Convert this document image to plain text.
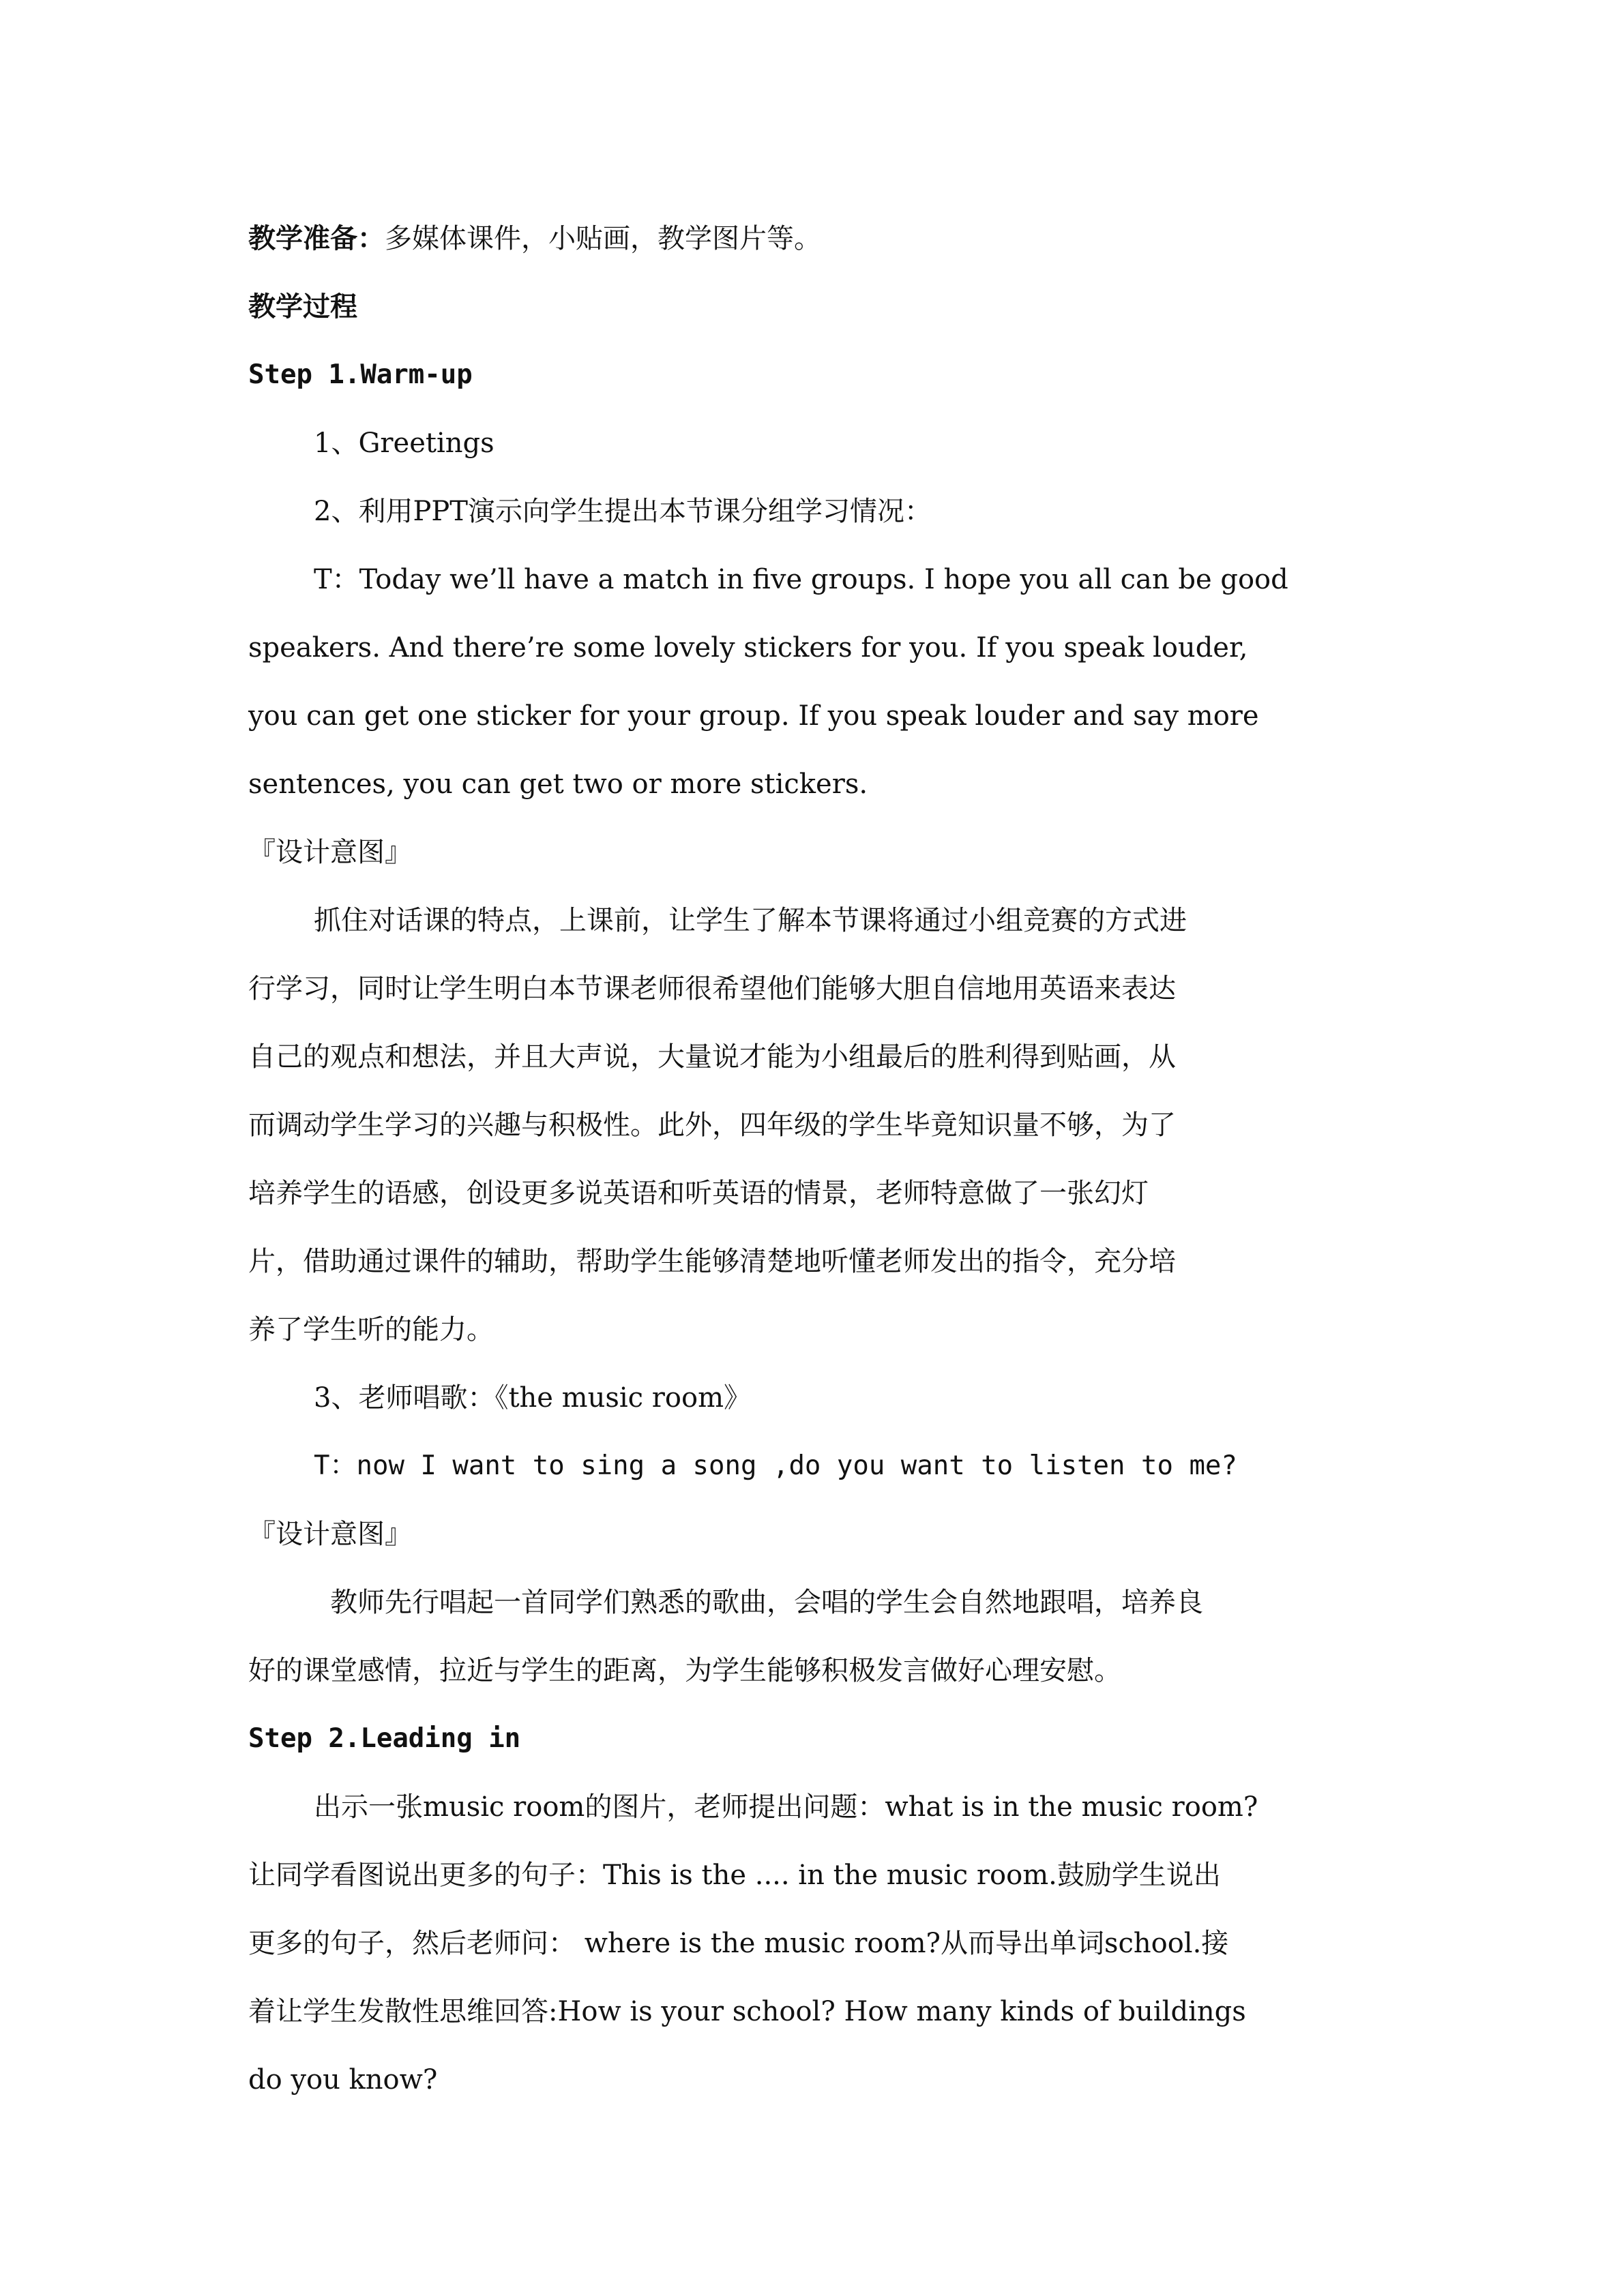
教学准备：多媒体课件，小贴画，教学图片等。
教学过程
Step 1.Warm-up
1、Greetings
2、利用PPT演示向学生提出本节课分组学习情况：
T：Today we’ll have a match in five groups. I hope you all can be good
speakers. And there’re some lovely stickers for you. If you speak louder,
you can get one sticker for your group. If you speak louder and say more
sentences, you can get two or more stickers.
『设计意图』
抓住对话课的特点，上课前，让学生了解本节课将通过小组竞赛的方式进
行学习，同时让学生明白本节课老师很希望他们能够大胆自信地用英语来表达
自己的观点和想法，并且大声说，大量说才能为小组最后的胜利得到贴画，从
而调动学生学习的兴趣与积极性。此外，四年级的学生毕竟知识量不够，为了
培养学生的语感，创设更多说英语和听英语的情景，老师特意做了一张幻灯
片，借助通过课件的辅助，帮助学生能够清楚地听懂老师发出的指令，充分培
养了学生听的能力。
3、老师唱歌：《the music room》
T：now I want to sing a song ,do you want to listen to me?
『设计意图』
教师先行唱起一首同学们熟悉的歌曲，会唱的学生会自然地跟唱，培养良
好的课堂感情，拉近与学生的距离，为学生能够积极发言做好心理安慰。
Step 2.Leading in
出示一张music room的图片，老师提出问题：what is in the music room?
让同学看图说出更多的句子：This is the .... in the music room.鼓励学生说出
更多的句子，然后老师问： where is the music room?从而导出单词school.接
着让学生发散性思维回答:How is your school? How many kinds of buildings
do you know?
